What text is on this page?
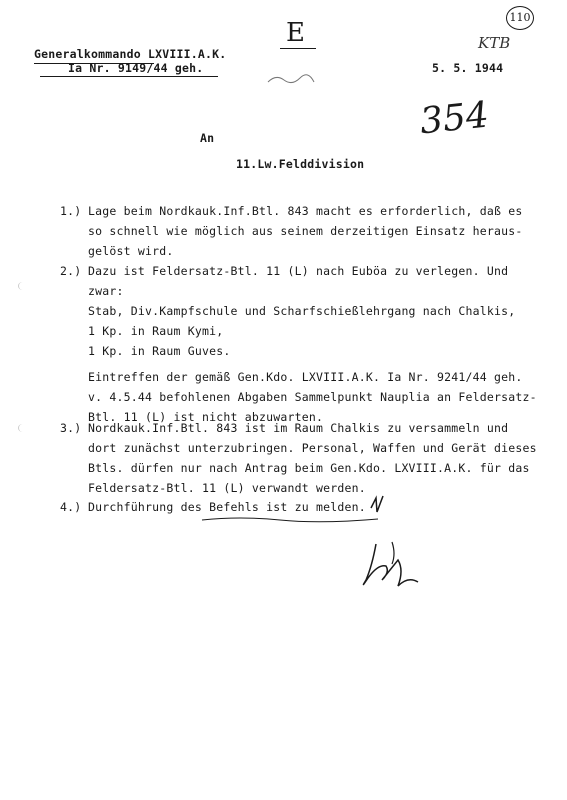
Generalkommando LXVIII.A.K.
Ia Nr. 9149/44 geh.	5. 5. 1944
E	KTB
110
354
An
11.Lw.Felddivision
1.) Lage beim Nordkauk.Inf.Btl. 843 macht es erforderlich, daß es
so schnell wie möglich aus seinem derzeitigen Einsatz heraus-
gelöst wird.
2.) Dazu ist Feldersatz-Btl. 11 (L) nach Euböa zu verlegen. Und
zwar:
Stab, Div.Kampfschule und Scharfschießlehrgang nach Chalkis,
1 Kp. in Raum Kymi,
1 Kp. in Raum Guves.
Eintreffen der gemäß Gen.Kdo. LXVIII.A.K. Ia Nr. 9241/44 geh.
v. 4.5.44 befohlenen Abgaben Sammelpunkt Nauplia an Feldersatz-
Btl. 11 (L) ist nicht abzuwarten.
3.) Nordkauk.Inf.Btl. 843 ist im Raum Chalkis zu versammeln und
dort zunächst unterzubringen. Personal, Waffen und Gerät dieses
Btls. dürfen nur nach Antrag beim Gen.Kdo. LXVIII.A.K. für das
Feldersatz-Btl. 11 (L) verwandt werden.
4.) Durchführung des Befehls ist zu melden.
